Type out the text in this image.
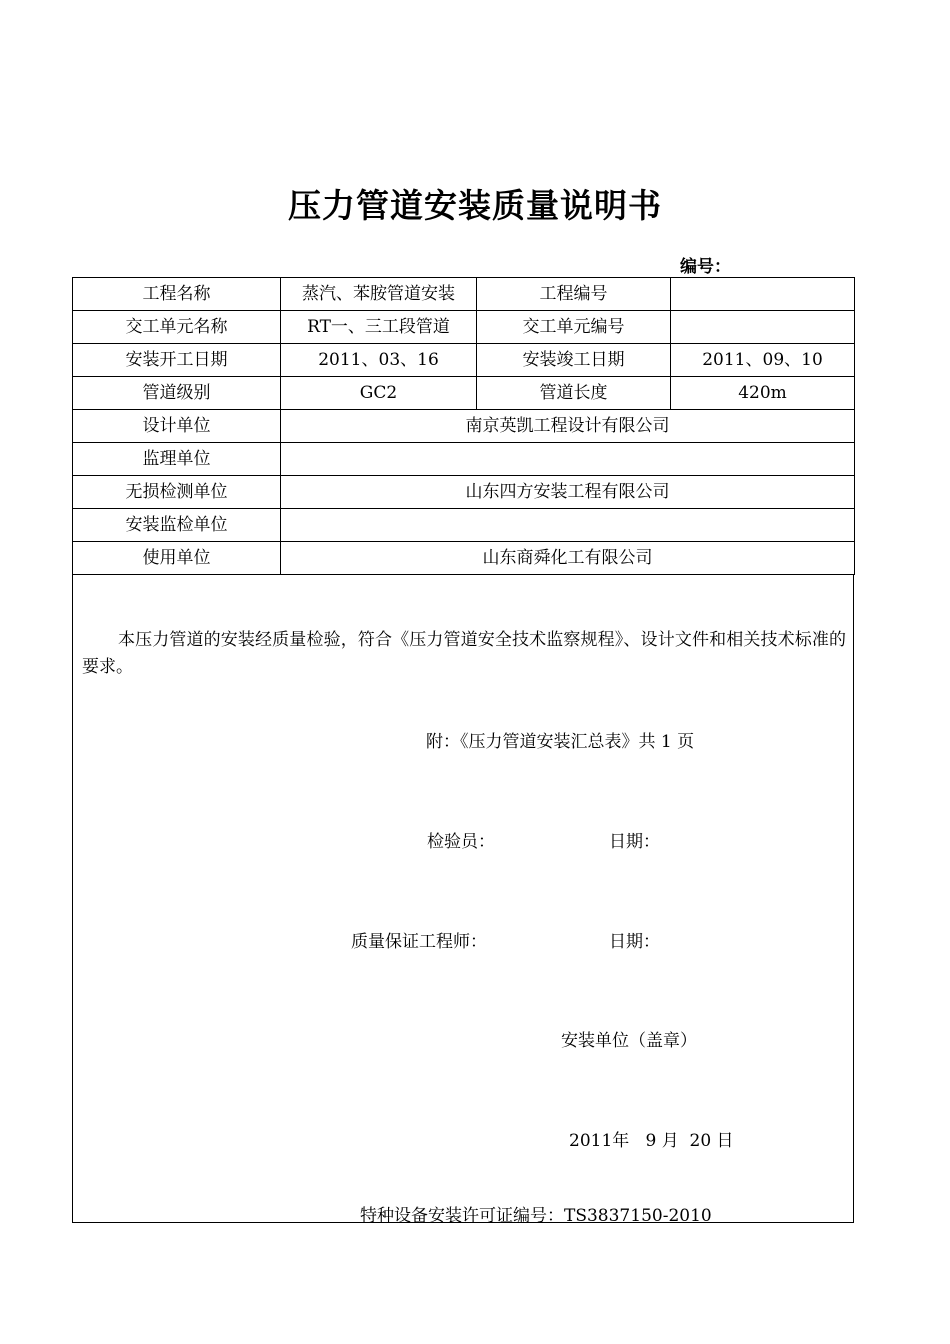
压力管道安装质量说明书
编号：
工程名称	蒸汽、苯胺管道安装	工程编号	
交工单元名称	RT一、三工段管道	交工单元编号	
安装开工日期	2011、03、16	安装竣工日期	2011、09、10
管道级别	GC2	管道长度	420m
设计单位	南京英凯工程设计有限公司		
监理单位			
无损检测单位	山东四方安装工程有限公司		
安装监检单位			
使用单位	山东商舜化工有限公司		
本压力管道的安装经质量检验，符合《压力管道安全技术监察规程》、设计文件和相关技术标准的要求。
附：《压力管道安装汇总表》共 1 页
检验员：	日期：
质量保证工程师：	日期：
安装单位（盖章）
2011年   9 月  20 日
特种设备安装许可证编号：TS3837150-2010
